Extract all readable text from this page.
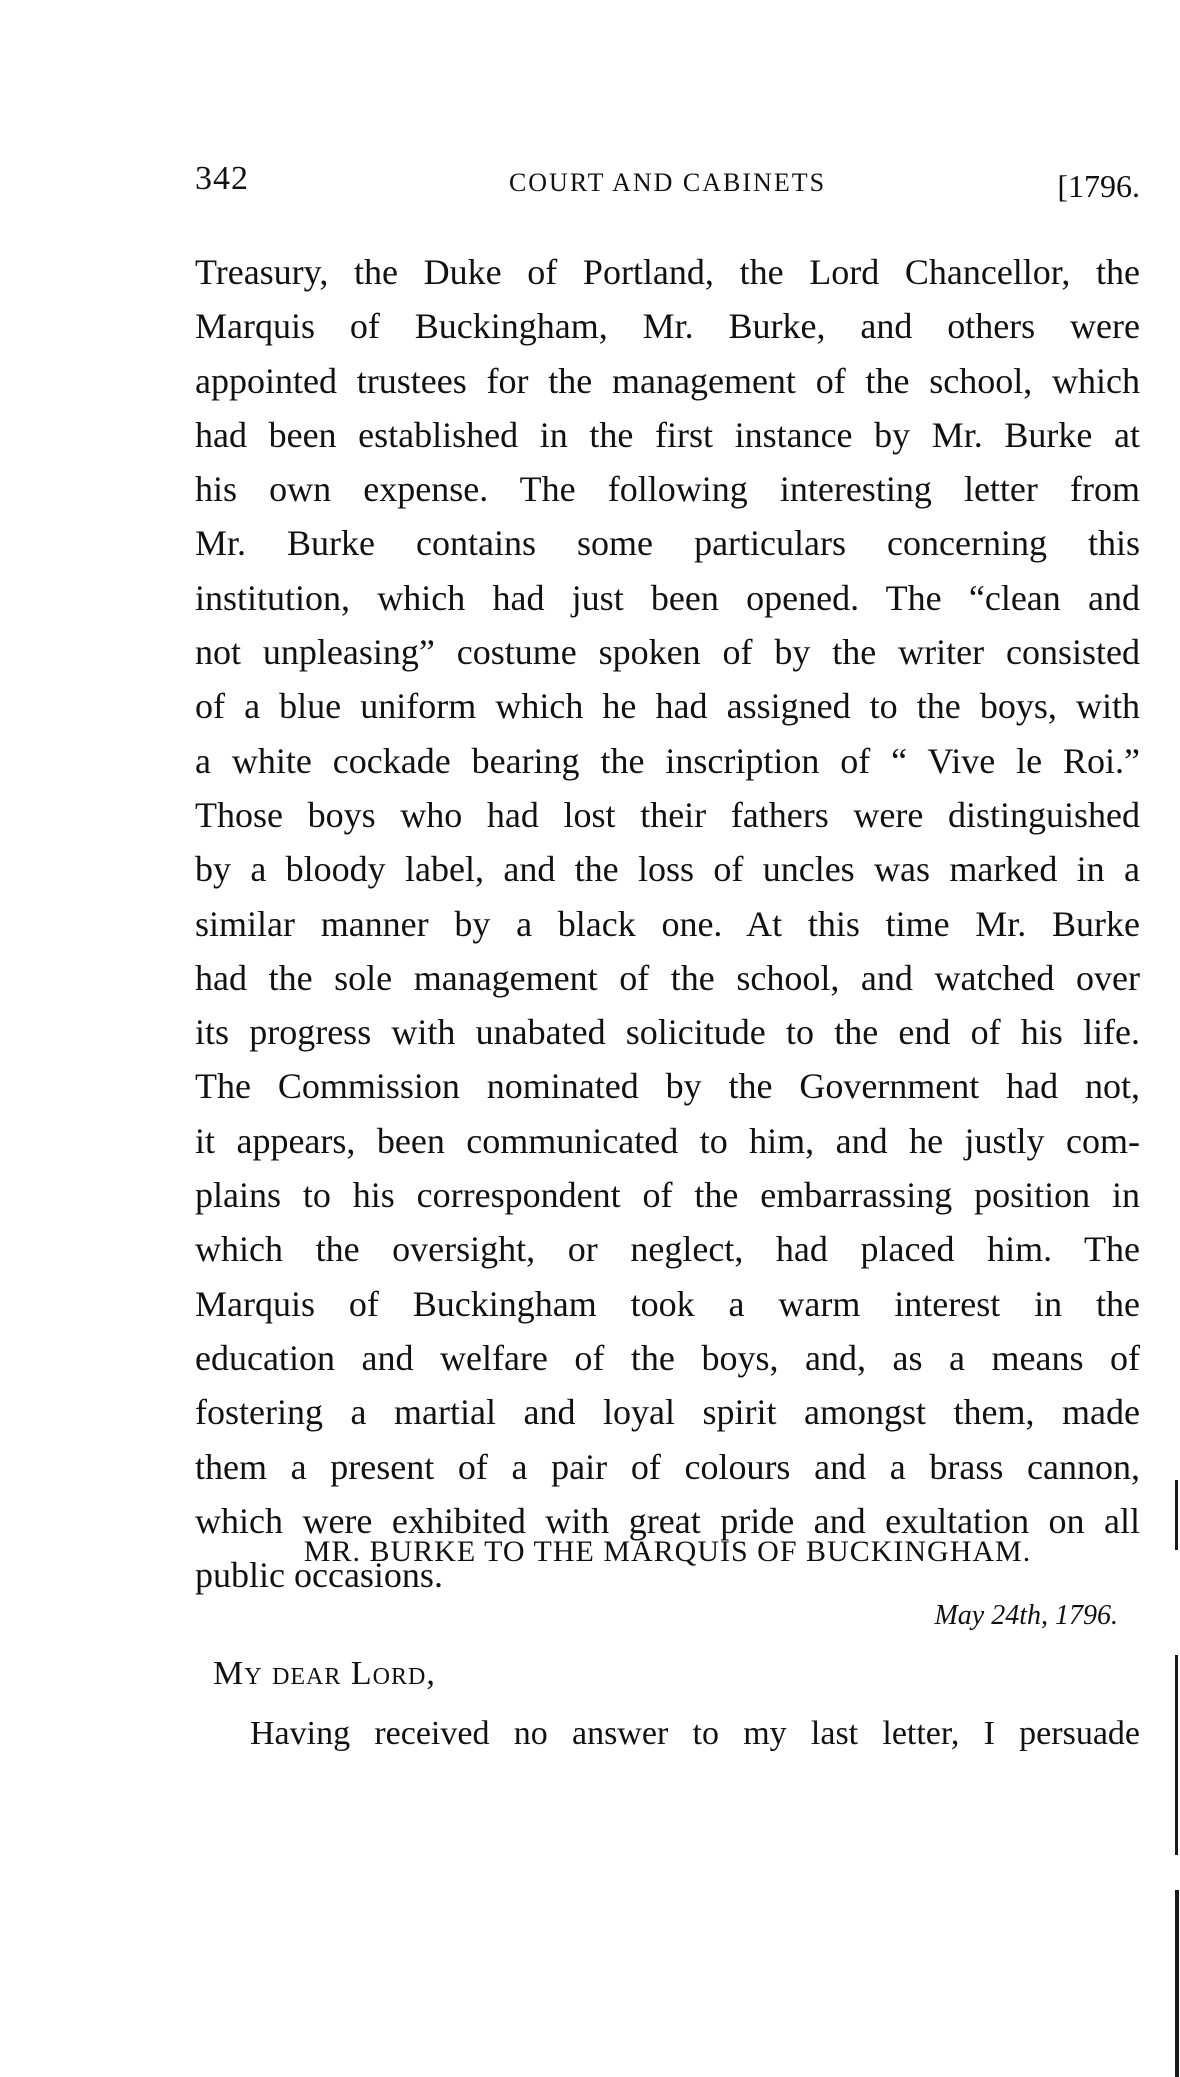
342	COURT AND CABINETS	[1796.
Treasury, the Duke of Portland, the Lord Chancellor, the
Marquis of Buckingham, Mr. Burke, and others were
appointed trustees for the management of the school, which
had been established in the first instance by Mr. Burke at
his own expense. The following interesting letter from
Mr. Burke contains some particulars concerning this
institution, which had just been opened. The “clean and
not unpleasing” costume spoken of by the writer consisted
of a blue uniform which he had assigned to the boys, with
a white cockade bearing the inscription of “ Vive le Roi.”
Those boys who had lost their fathers were distinguished
by a bloody label, and the loss of uncles was marked in a
similar manner by a black one. At this time Mr. Burke
had the sole management of the school, and watched over
its progress with unabated solicitude to the end of his life.
The Commission nominated by the Government had not,
it appears, been communicated to him, and he justly com-
plains to his correspondent of the embarrassing position in
which the oversight, or neglect, had placed him. The
Marquis of Buckingham took a warm interest in the
education and welfare of the boys, and, as a means of
fostering a martial and loyal spirit amongst them, made
them a present of a pair of colours and a brass cannon,
which were exhibited with great pride and exultation on all
public occasions.
MR. BURKE TO THE MARQUIS OF BUCKINGHAM.
May 24th, 1796.
My dear Lord,
Having received no answer to my last letter, I persuade
